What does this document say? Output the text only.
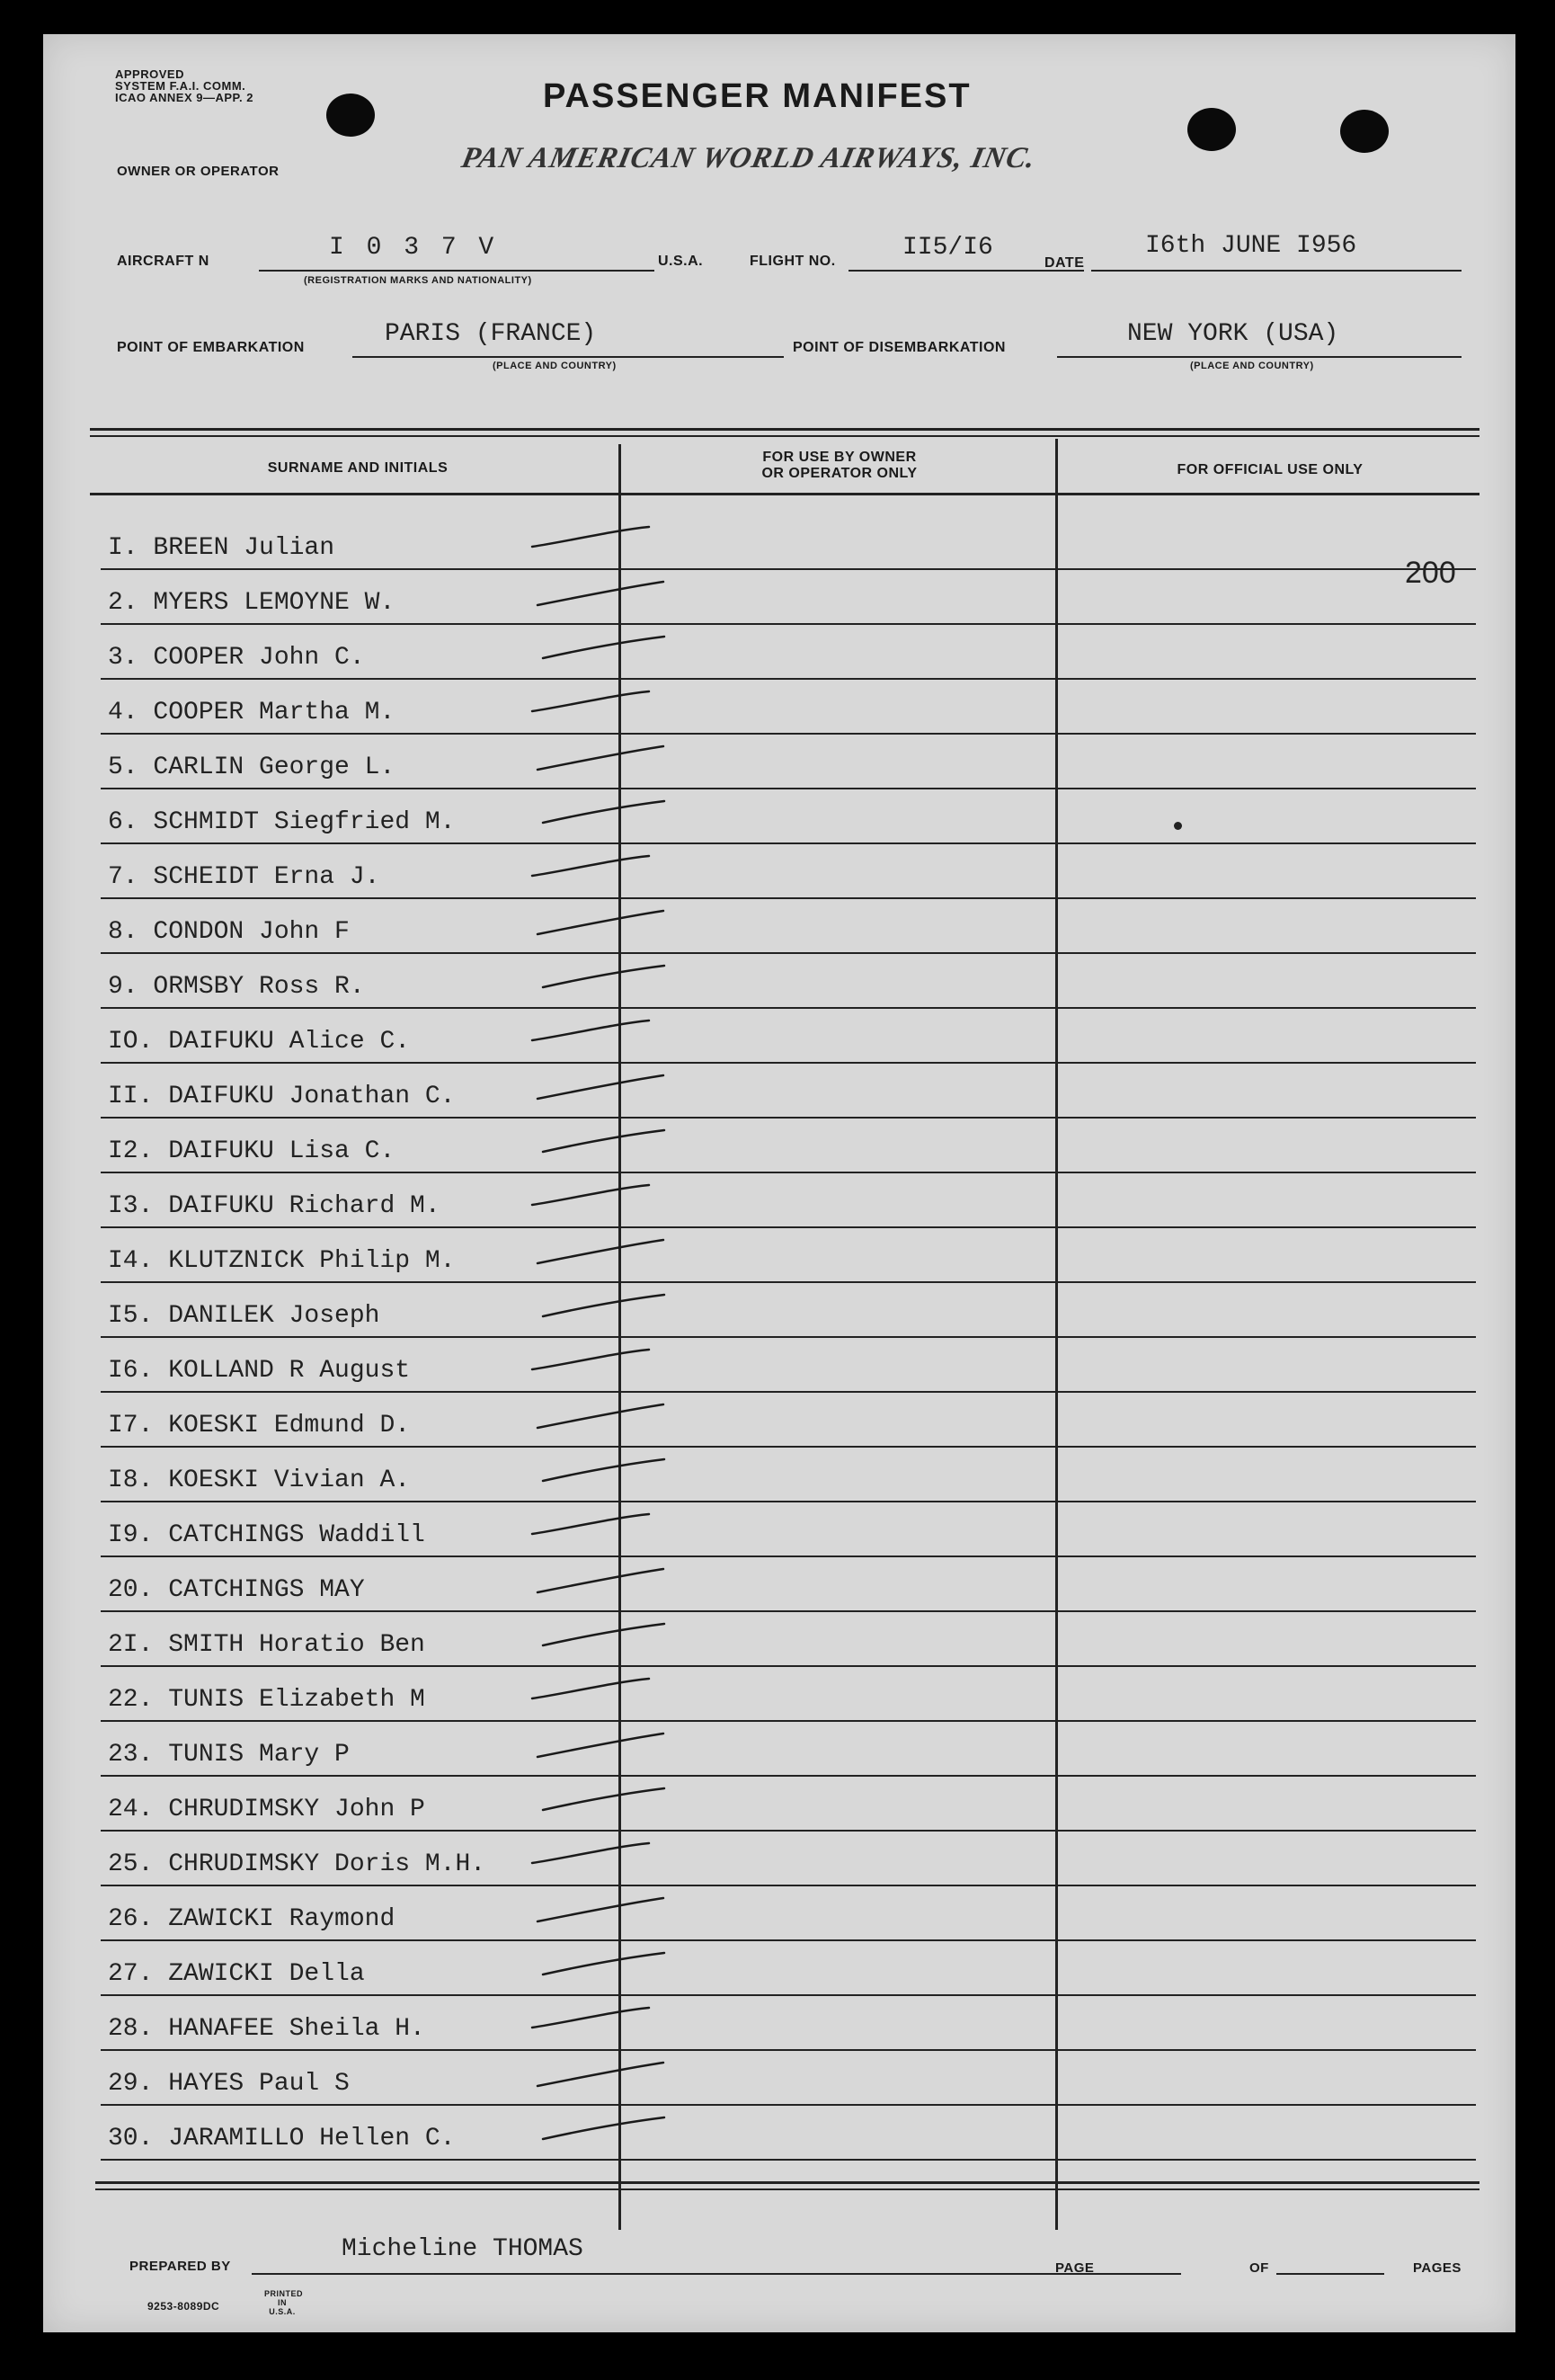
APPROVED
SYSTEM F.A.I. COMM.
ICAO ANNEX 9—APP. 2
OWNER OR OPERATOR
PASSENGER MANIFEST
PAN AMERICAN WORLD AIRWAYS, INC.
AIRCRAFT N	I 0 3 7 V
(REGISTRATION MARKS AND NATIONALITY)
U.S.A.	FLIGHT NO.	II5/I6
DATE
I6th JUNE I956
POINT OF EMBARKATION	PARIS (FRANCE)
(PLACE AND COUNTRY)
POINT OF DISEMBARKATION	NEW YORK (USA)
(PLACE AND COUNTRY)
SURNAME AND INITIALS
FOR USE BY OWNER
OR OPERATOR ONLY	FOR OFFICIAL USE ONLY
I. BREEN Julian
2. MYERS LEMOYNE W.
3. COOPER John C.
4. COOPER Martha M.
5. CARLIN George L.
6. SCHMIDT Siegfried M.
7. SCHEIDT Erna J.
8. CONDON John F
9. ORMSBY Ross R.
IO. DAIFUKU Alice C.
II. DAIFUKU Jonathan C.
I2. DAIFUKU Lisa C.
I3. DAIFUKU Richard M.
I4. KLUTZNICK Philip M.
I5. DANILEK Joseph
I6. KOLLAND R August
I7. KOESKI Edmund D.
I8. KOESKI Vivian A.
I9. CATCHINGS Waddill
20. CATCHINGS MAY
2I. SMITH Horatio Ben
22. TUNIS Elizabeth M
23. TUNIS Mary P
24. CHRUDIMSKY John P
25. CHRUDIMSKY Doris M.H.
26. ZAWICKI Raymond
27. ZAWICKI Della
28. HANAFEE Sheila H.
29. HAYES Paul S
30. JARAMILLO Hellen C.
200
PREPARED BY
Micheline THOMAS
PAGE	OF	PAGES
9253-8089DC
PRINTED IN U.S.A.
